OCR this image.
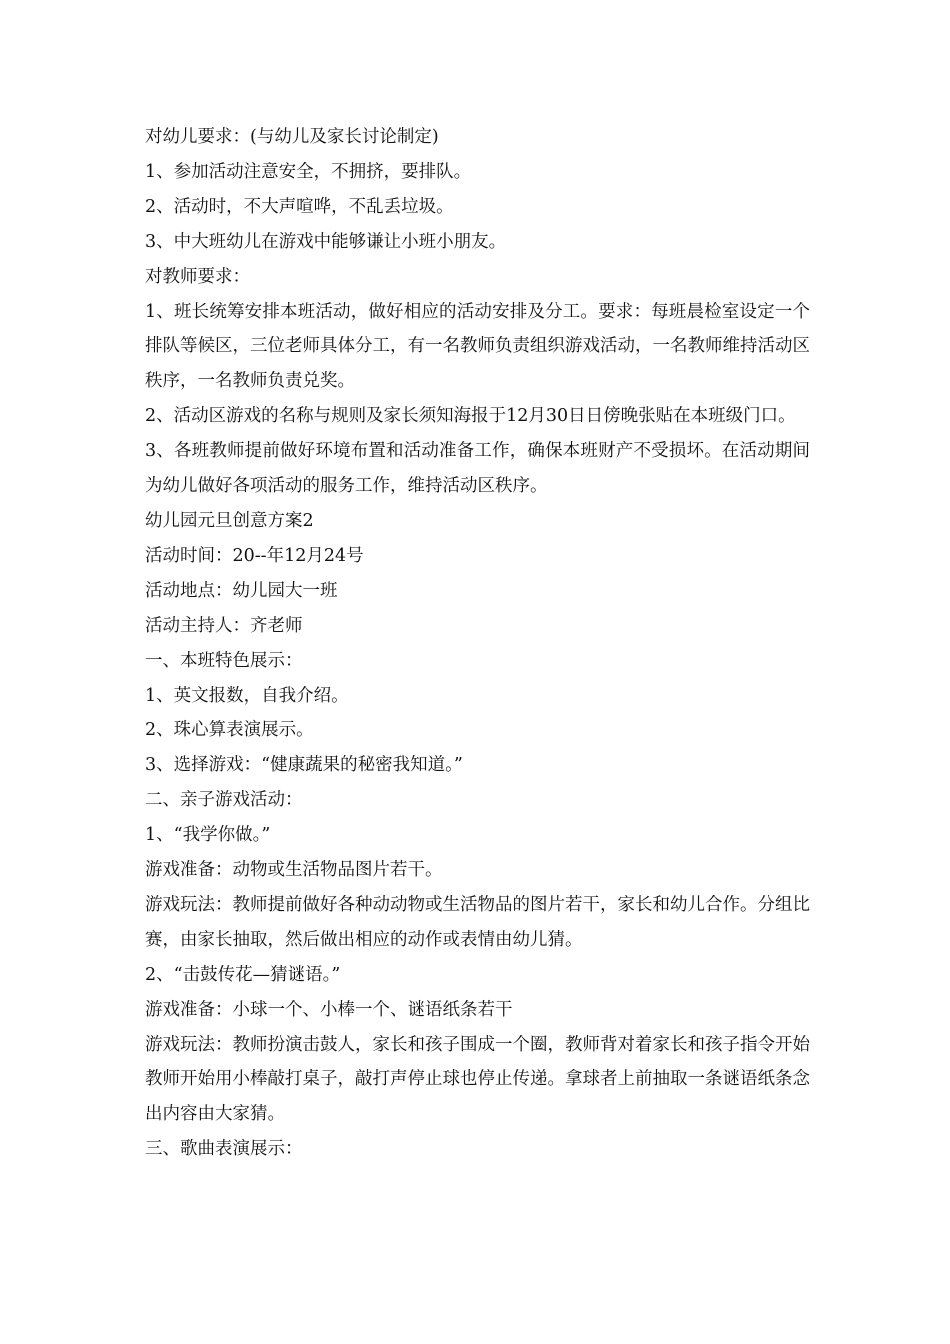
对幼儿要求：(与幼儿及家长讨论制定)

1、参加活动注意安全，不拥挤，要排队。

2、活动时，不大声喧哗，不乱丢垃圾。

3、中大班幼儿在游戏中能够谦让小班小朋友。

对教师要求：

1、班长统筹安排本班活动，做好相应的活动安排及分工。要求：每班晨检室设定一个排队等候区，三位老师具体分工，有一名教师负责组织游戏活动，一名教师维持活动区秩序，一名教师负责兑奖。

2、活动区游戏的名称与规则及家长须知海报于12月30日日傍晚张贴在本班级门口。

3、各班教师提前做好环境布置和活动准备工作，确保本班财产不受损坏。在活动期间为幼儿做好各项活动的服务工作，维持活动区秩序。

幼儿园元旦创意方案2

活动时间：20--年12月24号

活动地点：幼儿园大一班

活动主持人：齐老师

一、本班特色展示：

1、英文报数，自我介绍。

2、珠心算表演展示。

3、选择游戏：“健康蔬果的秘密我知道。”

二、亲子游戏活动：

1、“我学你做。”

游戏准备：动物或生活物品图片若干。

游戏玩法：教师提前做好各种动动物或生活物品的图片若干，家长和幼儿合作。分组比赛，由家长抽取，然后做出相应的动作或表情由幼儿猜。

2、“击鼓传花—猜谜语。”

游戏准备：小球一个、小棒一个、谜语纸条若干

游戏玩法：教师扮演击鼓人，家长和孩子围成一个圈，教师背对着家长和孩子指令开始教师开始用小棒敲打桌子，敲打声停止球也停止传递。拿球者上前抽取一条谜语纸条念出内容由大家猜。

三、歌曲表演展示：
